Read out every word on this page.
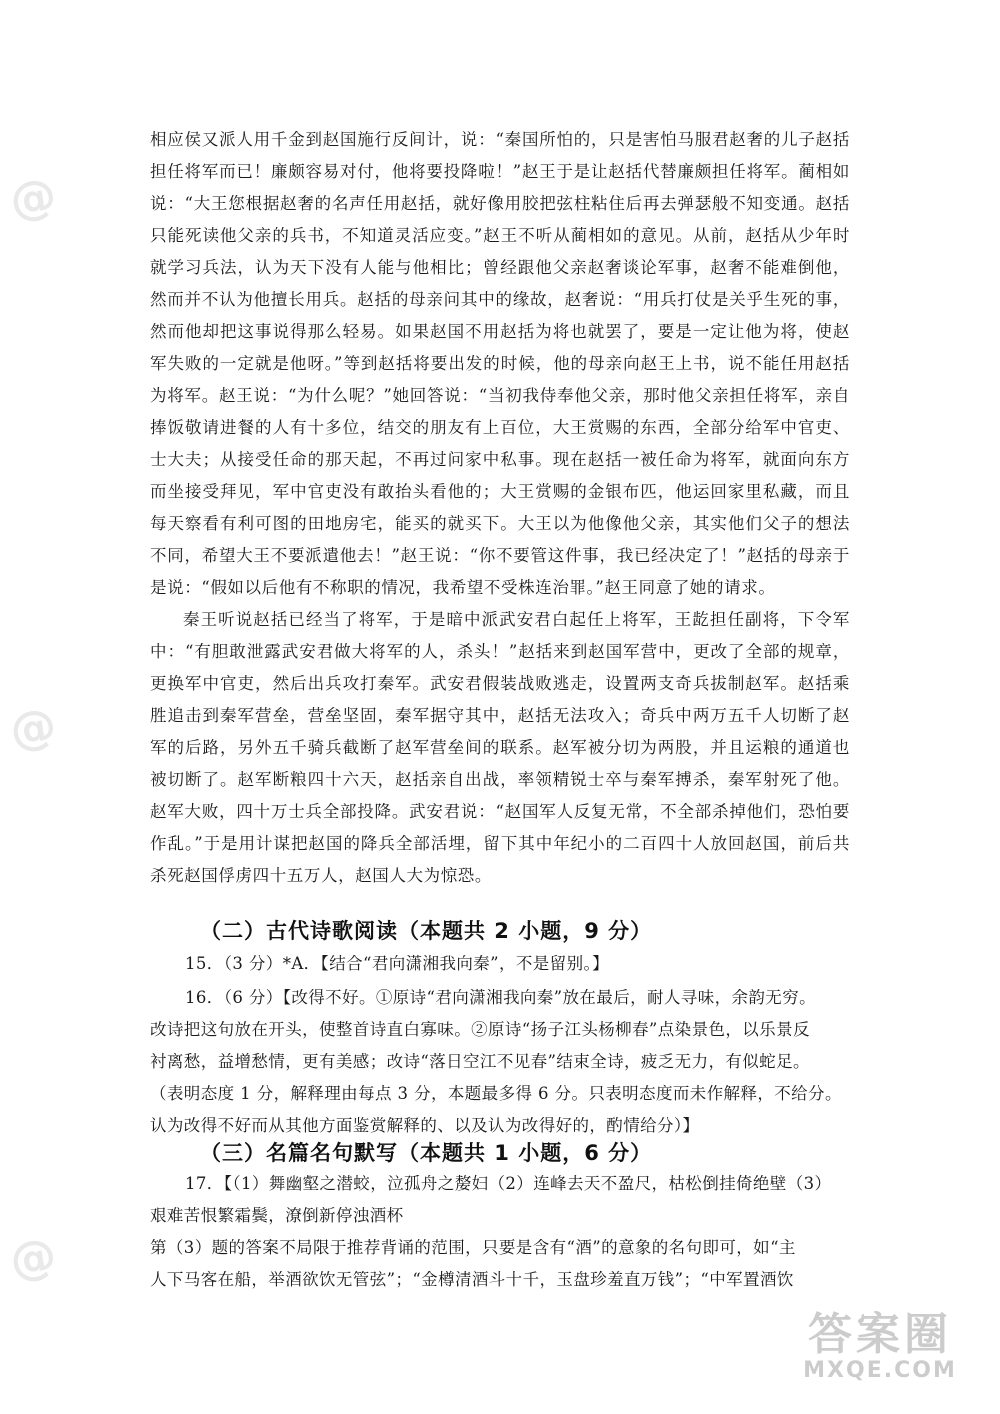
@
@
@

相应侯又派人用千金到赵国施行反间计，说：“秦国所怕的，只是害怕马服君赵奢的儿子赵括担任将军而已！廉颇容易对付，他将要投降啦！”赵王于是让赵括代替廉颇担任将军。蔺相如说：“大王您根据赵奢的名声任用赵括，就好像用胶把弦柱粘住后再去弹瑟般不知变通。赵括只能死读他父亲的兵书，不知道灵活应变。”赵王不听从蔺相如的意见。从前，赵括从少年时就学习兵法，认为天下没有人能与他相比；曾经跟他父亲赵奢谈论军事，赵奢不能难倒他，然而并不认为他擅长用兵。赵括的母亲问其中的缘故，赵奢说：“用兵打仗是关乎生死的事，然而他却把这事说得那么轻易。如果赵国不用赵括为将也就罢了，要是一定让他为将，使赵军失败的一定就是他呀。”等到赵括将要出发的时候，他的母亲向赵王上书，说不能任用赵括为将军。赵王说：“为什么呢？”她回答说：“当初我侍奉他父亲，那时他父亲担任将军，亲自捧饭敬请进餐的人有十多位，结交的朋友有上百位，大王赏赐的东西，全部分给军中官吏、士大夫；从接受任命的那天起，不再过问家中私事。现在赵括一被任命为将军，就面向东方而坐接受拜见，军中官吏没有敢抬头看他的；大王赏赐的金银布匹，他运回家里私藏，而且每天察看有利可图的田地房宅，能买的就买下。大王以为他像他父亲，其实他们父子的想法不同，希望大王不要派遣他去！”赵王说：“你不要管这件事，我已经决定了！”赵括的母亲于是说：“假如以后他有不称职的情况，我希望不受株连治罪。”赵王同意了她的请求。

秦王听说赵括已经当了将军，于是暗中派武安君白起任上将军，王龁担任副将，下令军中：“有胆敢泄露武安君做大将军的人，杀头！”赵括来到赵国军营中，更改了全部的规章，更换军中官吏，然后出兵攻打秦军。武安君假装战败逃走，设置两支奇兵拔制赵军。赵括乘胜追击到秦军营垒，营垒坚固，秦军据守其中，赵括无法攻入；奇兵中两万五千人切断了赵军的后路，另外五千骑兵截断了赵军营垒间的联系。赵军被分切为两股，并且运粮的通道也被切断了。赵军断粮四十六天，赵括亲自出战，率领精锐士卒与秦军搏杀，秦军射死了他。赵军大败，四十万士兵全部投降。武安君说：“赵国军人反复无常，不全部杀掉他们，恐怕要作乱。”于是用计谋把赵国的降兵全部活埋，留下其中年纪小的二百四十人放回赵国，前后共杀死赵国俘虏四十五万人，赵国人大为惊恐。

（二）古代诗歌阅读（本题共 2 小题，9 分）

15．（3 分）*A．【结合“君向潇湘我向秦”，不是留别。】

16．（6 分）【改得不好。①原诗“君向潇湘我向秦”放在最后，耐人寻味，余韵无穷。

改诗把这句放在开头，使整首诗直白寡味。②原诗“扬子江头杨柳春”点染景色，以乐景反

衬离愁，益增愁情，更有美感；改诗“落日空江不见春”结束全诗，疲乏无力，有似蛇足。

（表明态度 1 分，解释理由每点 3 分，本题最多得 6 分。只表明态度而未作解释，不给分。

认为改得不好而从其他方面鉴赏解释的、以及认为改得好的，酌情给分）】

（三）名篇名句默写（本题共 1 小题，6 分）

17．【（1）舞幽壑之潜蛟，泣孤舟之嫠妇（2）连峰去天不盈尺，枯松倒挂倚绝壁（3）

艰难苦恨繁霜鬓，潦倒新停浊酒杯

第（3）题的答案不局限于推荐背诵的范围，只要是含有“酒”的意象的名句即可，如“主

人下马客在船，举酒欲饮无管弦”；“金樽清酒斗十千，玉盘珍羞直万钱”；“中军置酒饮

答案圈
MXQE.COM
